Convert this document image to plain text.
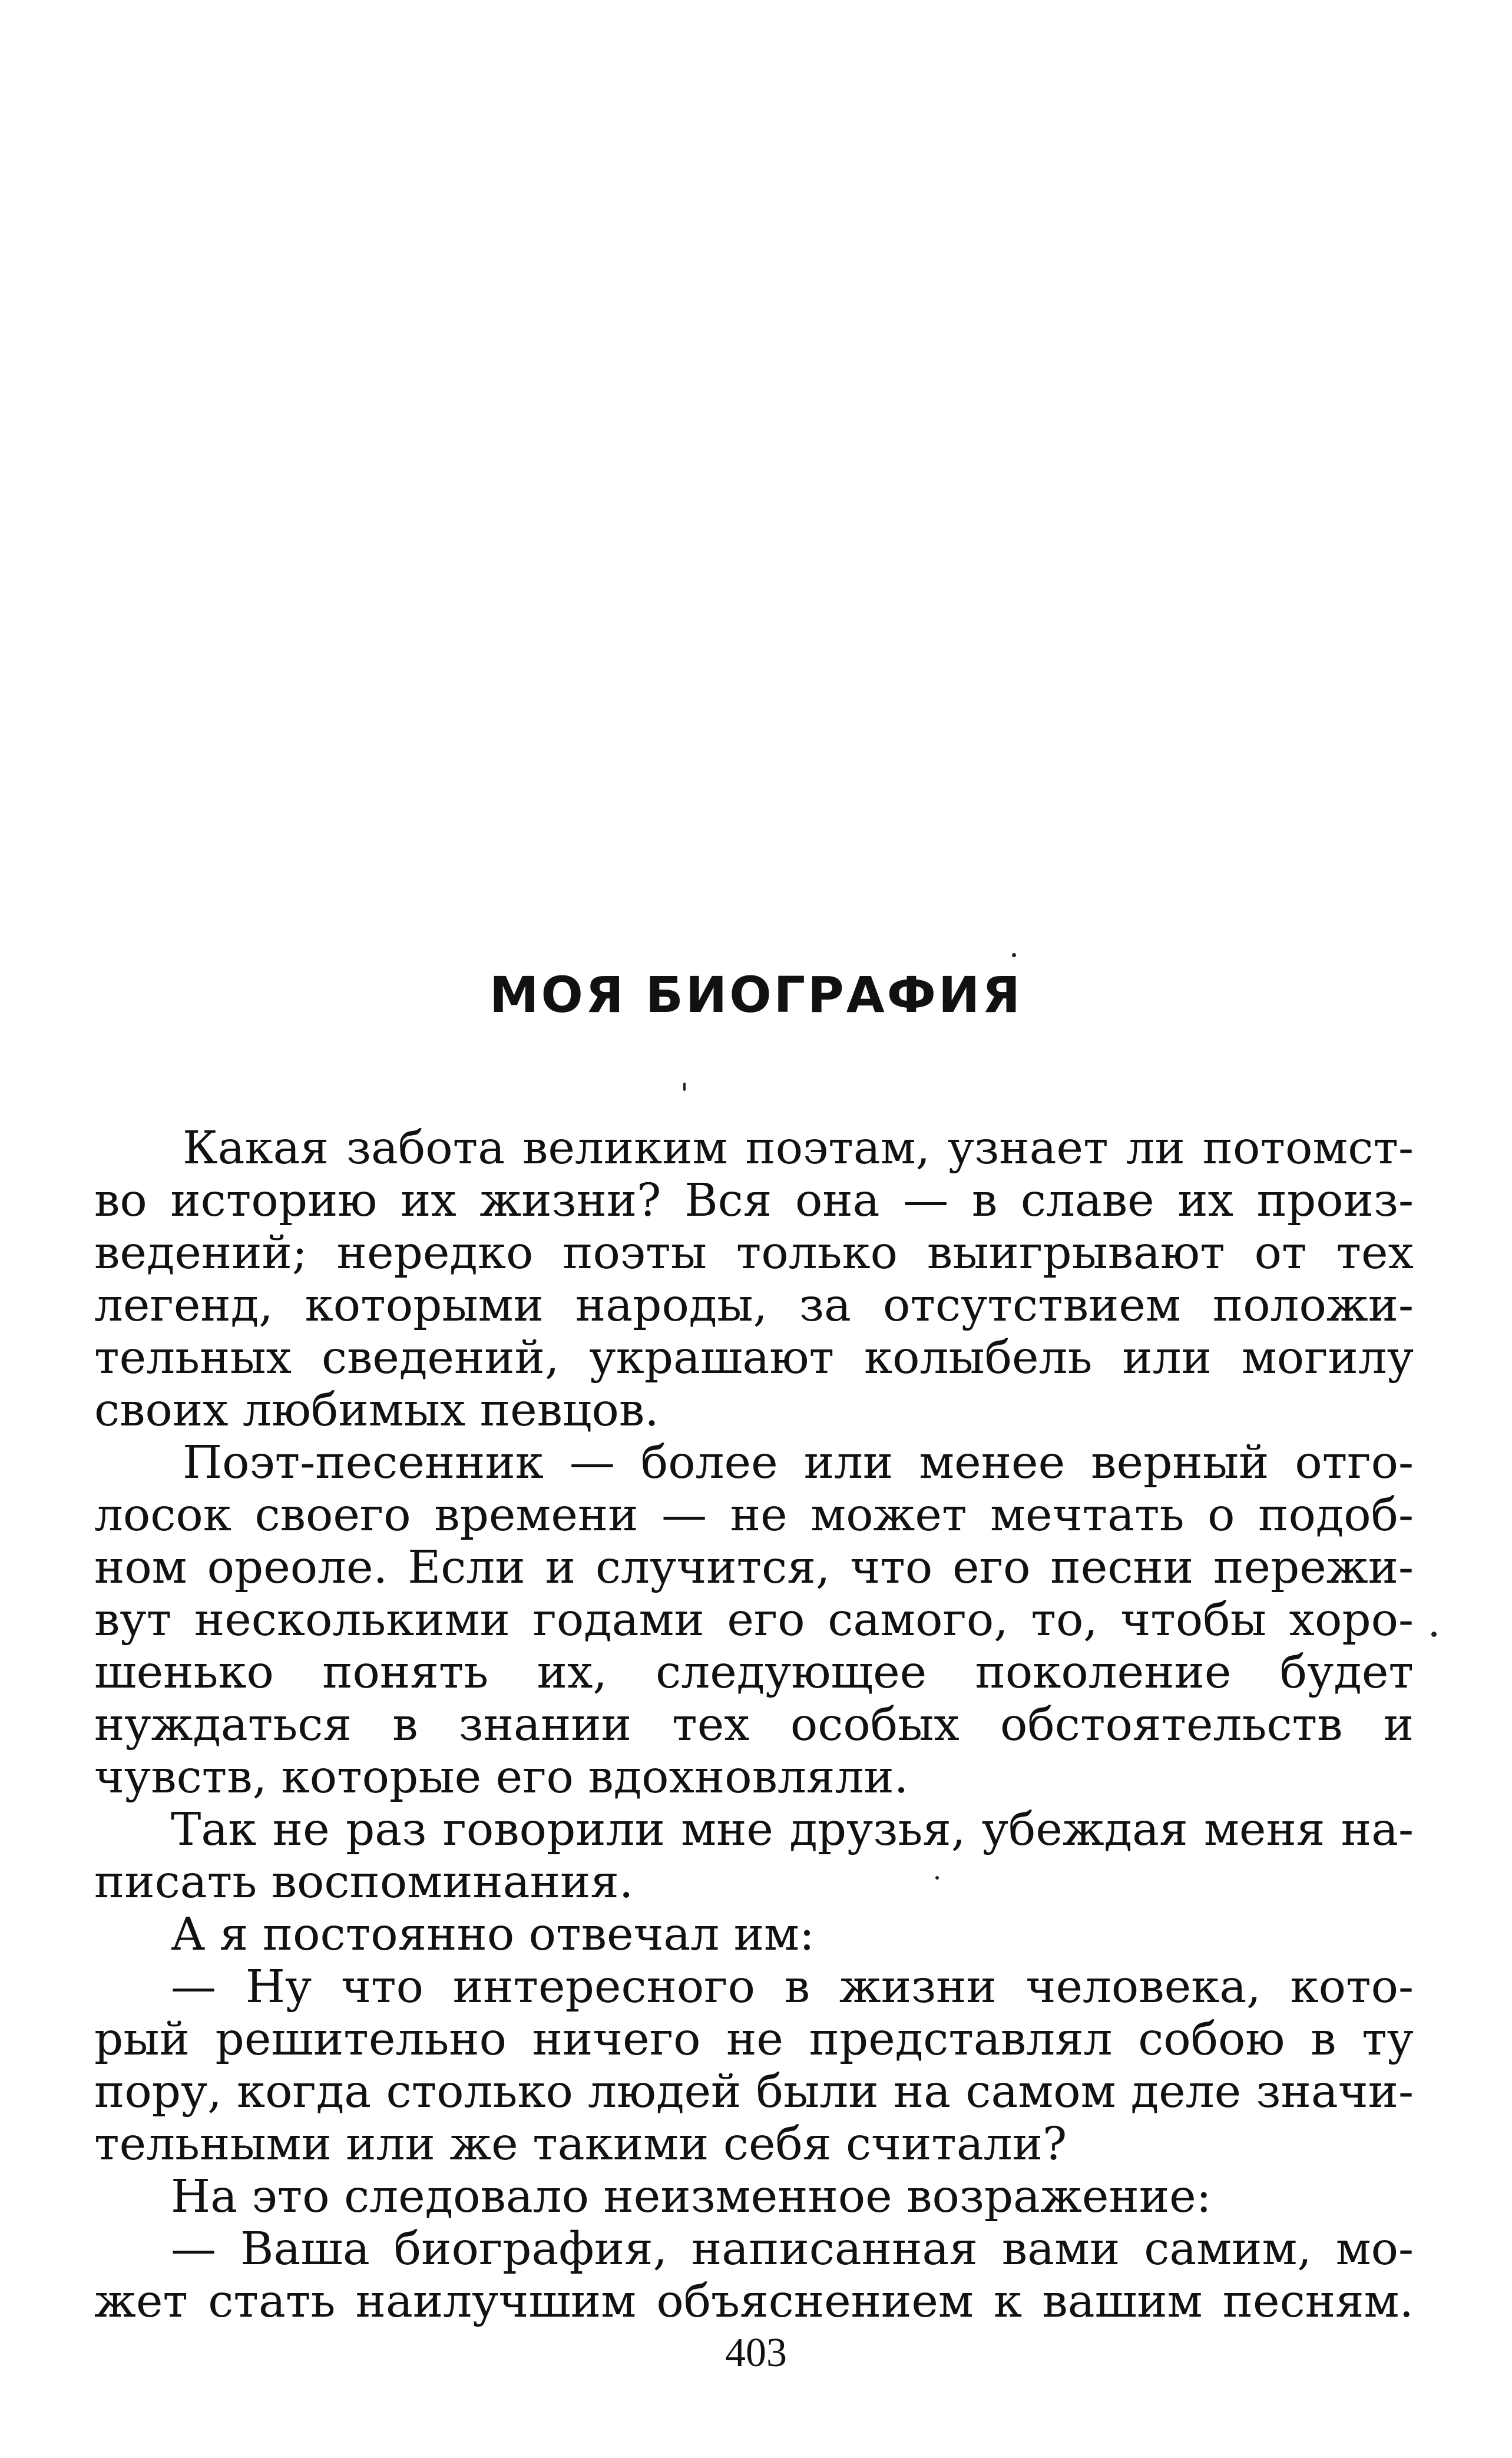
МОЯ БИОГРАФИЯ
Какая забота великим поэтам, узнает ли потомст-
во историю их жизни? Вся она — в славе их произ-
ведений; нередко поэты только выигрывают от тех
легенд, которыми народы, за отсутствием положи-
тельных сведений, украшают колыбель или могилу
своих любимых певцов.
Поэт-песенник — более или менее верный отго-
лосок своего времени — не может мечтать о подоб-
ном ореоле. Если и случится, что его песни пережи-
вут несколькими годами его самого, то, чтобы хоро-
шенько понять их, следующее поколение будет
нуждаться в знании тех особых обстоятельств и
чувств, которые его вдохновляли.
Так не раз говорили мне друзья, убеждая меня на-
писать воспоминания.
А я постоянно отвечал им:
— Ну что интересного в жизни человека, кото-
рый решительно ничего не представлял собою в ту
пору, когда столько людей были на самом деле значи-
тельными или же такими себя считали?
На это следовало неизменное возражение:
— Ваша биография, написанная вами самим, мо-
жет стать наилучшим объяснением к вашим песням.
403
